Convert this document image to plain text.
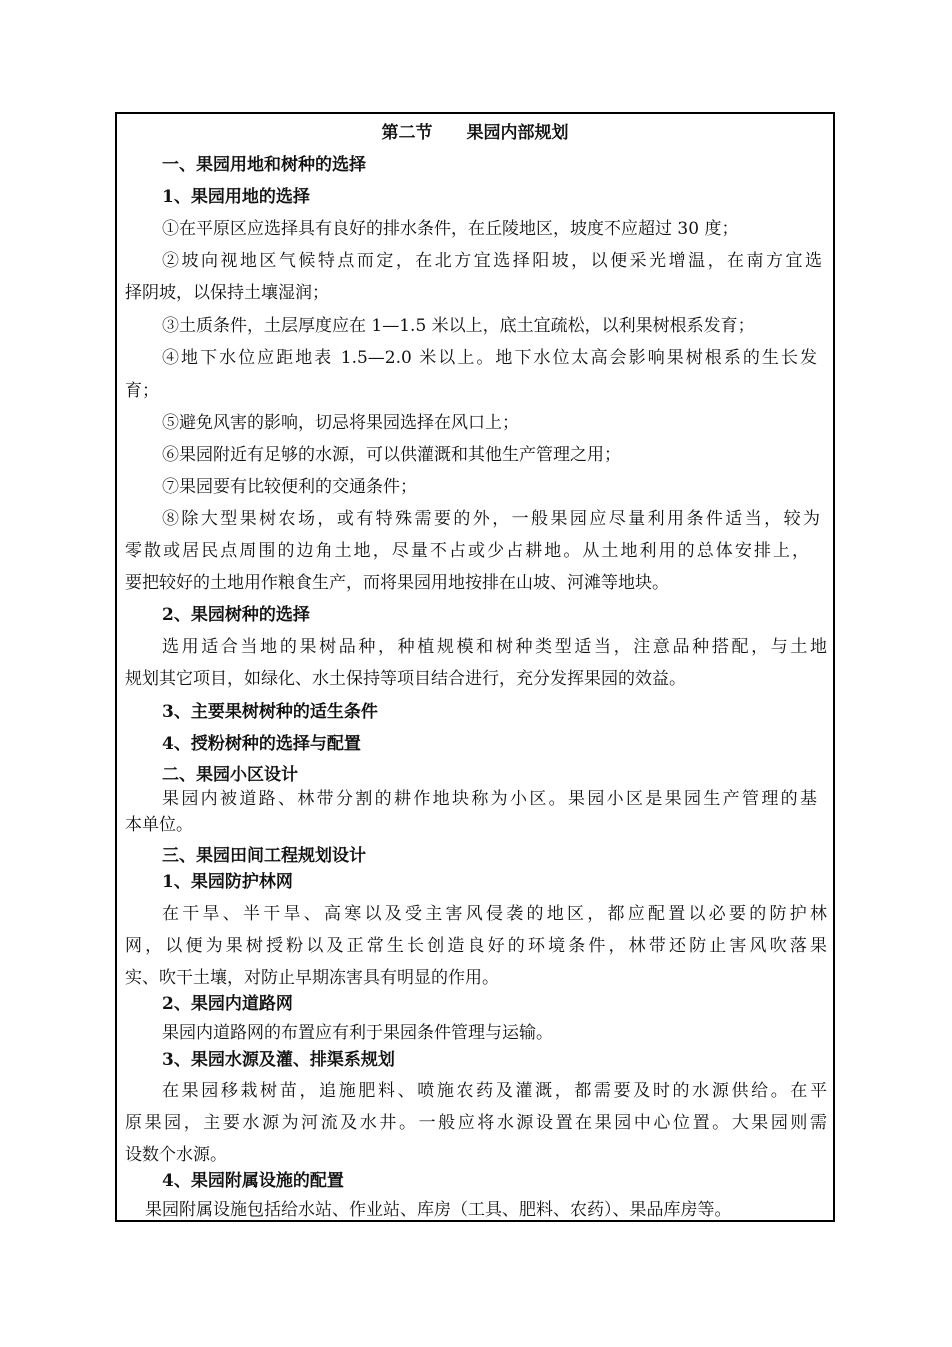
第二节　　果园内部规划
一、果园用地和树种的选择
1、果园用地的选择
①在平原区应选择具有良好的排水条件，在丘陵地区，坡度不应超过 30 度；
②坡向视地区气候特点而定，在北方宜选择阳坡，以便采光增温，在南方宜选
择阴坡，以保持土壤湿润；
③土质条件，土层厚度应在 1—1.5 米以上，底土宜疏松，以利果树根系发育；
④地下水位应距地表 1.5—2.0 米以上。地下水位太高会影响果树根系的生长发
育；
⑤避免风害的影响，切忌将果园选择在风口上；
⑥果园附近有足够的水源，可以供灌溉和其他生产管理之用；
⑦果园要有比较便利的交通条件；
⑧除大型果树农场，或有特殊需要的外，一般果园应尽量利用条件适当，较为
零散或居民点周围的边角土地，尽量不占或少占耕地。从土地利用的总体安排上，
要把较好的土地用作粮食生产，而将果园用地按排在山坡、河滩等地块。
2、果园树种的选择
选用适合当地的果树品种，种植规模和树种类型适当，注意品种搭配，与土地
规划其它项目，如绿化、水土保持等项目结合进行，充分发挥果园的效益。
3、主要果树树种的适生条件
4、授粉树种的选择与配置
二、果园小区设计
果园内被道路、林带分割的耕作地块称为小区。果园小区是果园生产管理的基
本单位。
三、果园田间工程规划设计
1、果园防护林网
在干旱、半干旱、高寒以及受主害风侵袭的地区，都应配置以必要的防护林
网，以便为果树授粉以及正常生长创造良好的环境条件，林带还防止害风吹落果
实、吹干土壤，对防止早期冻害具有明显的作用。
2、果园内道路网
果园内道路网的布置应有利于果园条件管理与运输。
3、果园水源及灌、排渠系规划
在果园移栽树苗，追施肥料、喷施农药及灌溉，都需要及时的水源供给。在平
原果园，主要水源为河流及水井。一般应将水源设置在果园中心位置。大果园则需
设数个水源。
4、果园附属设施的配置
果园附属设施包括给水站、作业站、库房（工具、肥料、农药）、果品库房等。
